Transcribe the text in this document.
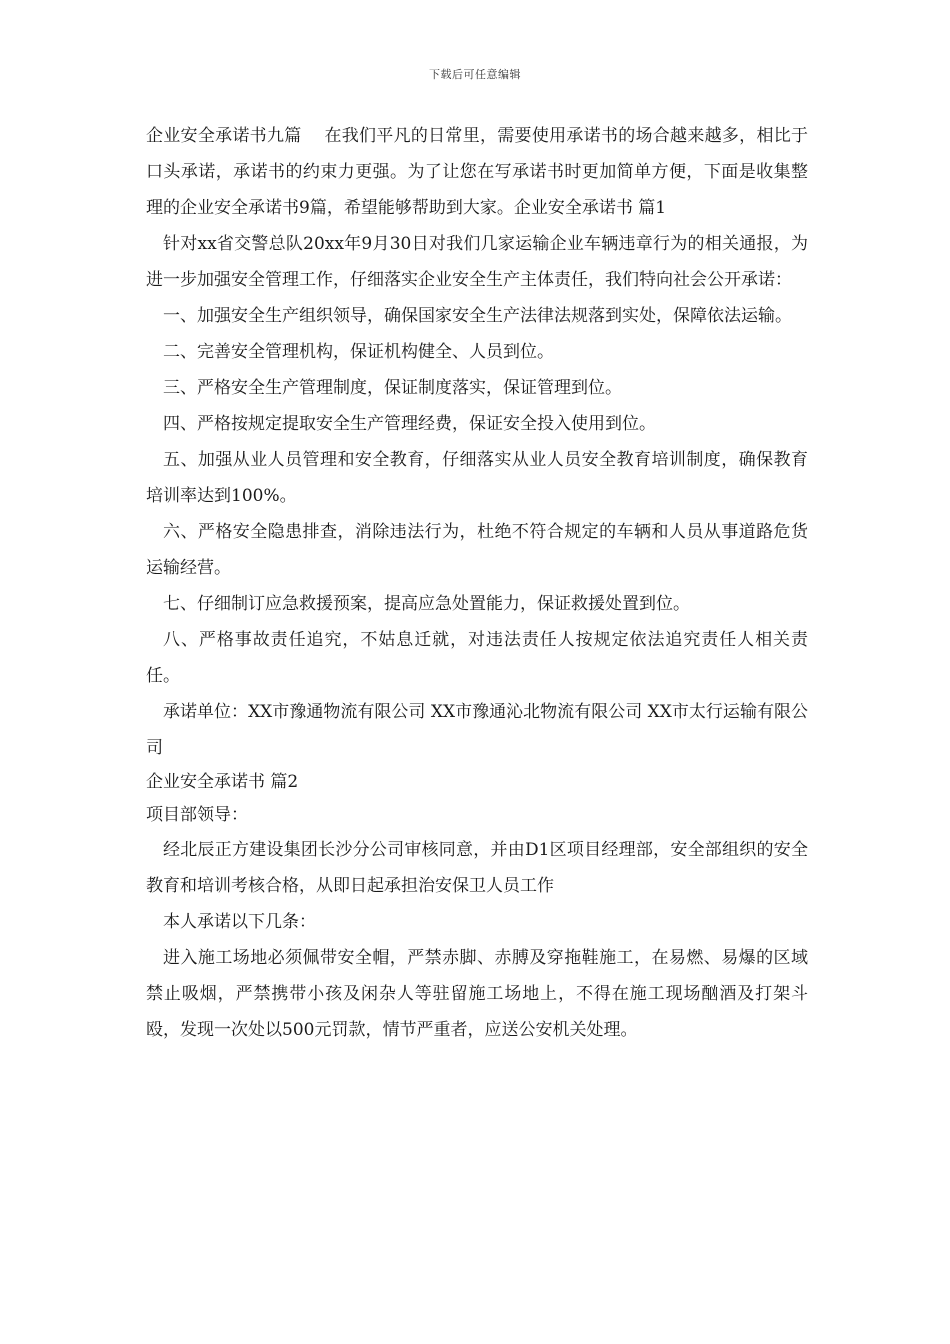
下载后可任意编辑

企业安全承诺书九篇　 在我们平凡的日常里，需要使用承诺书的场合越来越多，相比于口头承诺，承诺书的约束力更强。为了让您在写承诺书时更加简单方便，下面是收集整理的企业安全承诺书9篇，希望能够帮助到大家。企业安全承诺书 篇1

针对xx省交警总队20xx年9月30日对我们几家运输企业车辆违章行为的相关通报，为进一步加强安全管理工作，仔细落实企业安全生产主体责任，我们特向社会公开承诺：

一、加强安全生产组织领导，确保国家安全生产法律法规落到实处，保障依法运输。

二、完善安全管理机构，保证机构健全、人员到位。

三、严格安全生产管理制度，保证制度落实，保证管理到位。

四、严格按规定提取安全生产管理经费，保证安全投入使用到位。

五、加强从业人员管理和安全教育，仔细落实从业人员安全教育培训制度，确保教育培训率达到100%。

六、严格安全隐患排查，消除违法行为，杜绝不符合规定的车辆和人员从事道路危货运输经营。

七、仔细制订应急救援预案，提高应急处置能力，保证救援处置到位。

八、严格事故责任追究，不姑息迁就，对违法责任人按规定依法追究责任人相关责任。

承诺单位：XX市豫通物流有限公司 XX市豫通沁北物流有限公司 XX市太行运输有限公司

企业安全承诺书 篇2

项目部领导：

经北辰正方建设集团长沙分公司审核同意，并由D1区项目经理部，安全部组织的安全教育和培训考核合格，从即日起承担治安保卫人员工作

本人承诺以下几条：

进入施工场地必须佩带安全帽，严禁赤脚、赤膊及穿拖鞋施工，在易燃、易爆的区域禁止吸烟，严禁携带小孩及闲杂人等驻留施工场地上，不得在施工现场酗酒及打架斗殴，发现一次处以500元罚款，情节严重者，应送公安机关处理。
